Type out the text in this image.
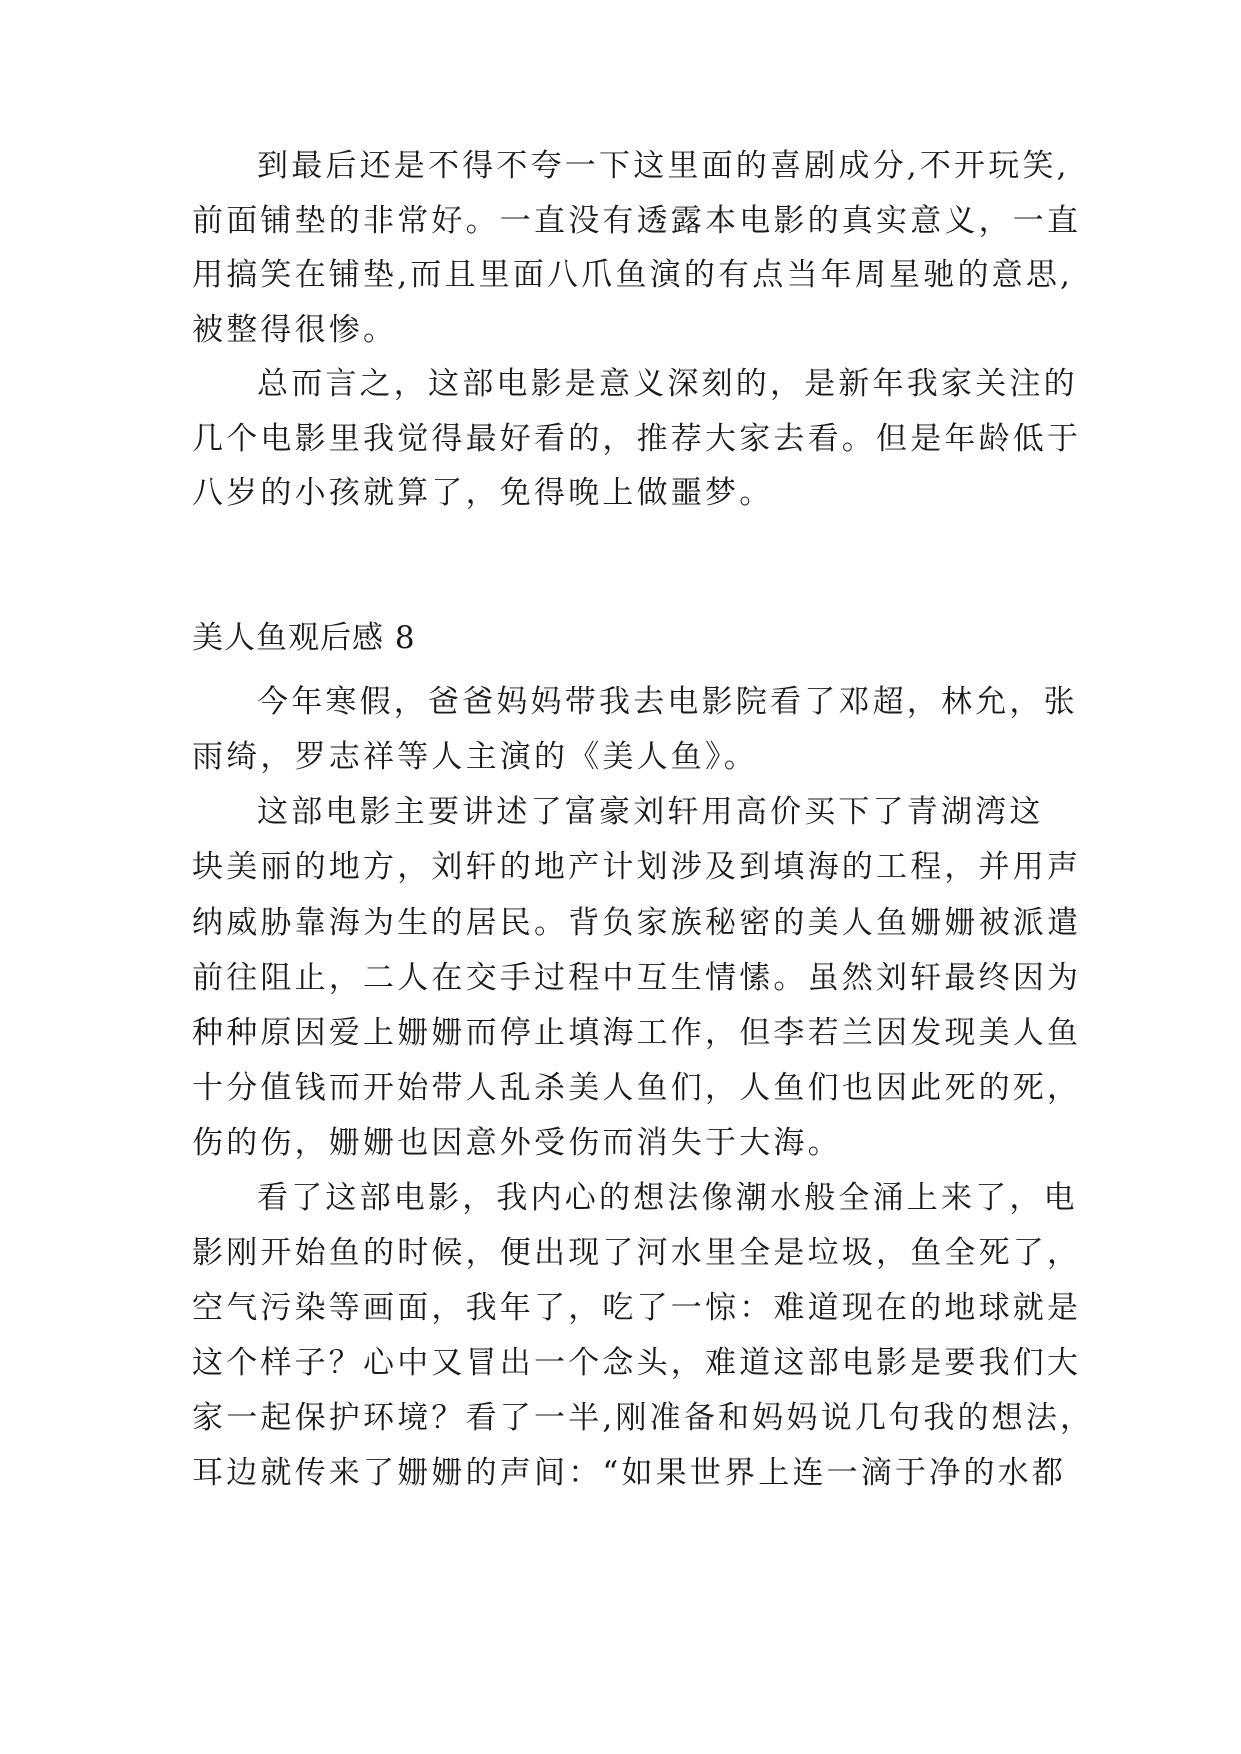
到最后还是不得不夸一下这里面的喜剧成分,不开玩笑,
前面铺垫的非常好。一直没有透露本电影的真实意义，一直
用搞笑在铺垫,而且里面八爪鱼演的有点当年周星驰的意思,
被整得很惨。
总而言之，这部电影是意义深刻的，是新年我家关注的
几个电影里我觉得最好看的，推荐大家去看。但是年龄低于
八岁的小孩就算了，免得晚上做噩梦。
美人鱼观后感 8
今年寒假，爸爸妈妈带我去电影院看了邓超，林允，张
雨绮，罗志祥等人主演的《美人鱼》。
这部电影主要讲述了富豪刘轩用高价买下了青湖湾这
块美丽的地方，刘轩的地产计划涉及到填海的工程，并用声
纳威胁靠海为生的居民。背负家族秘密的美人鱼姗姗被派遣
前往阻止，二人在交手过程中互生情愫。虽然刘轩最终因为
种种原因爱上姗姗而停止填海工作，但李若兰因发现美人鱼
十分值钱而开始带人乱杀美人鱼们，人鱼们也因此死的死，
伤的伤，姗姗也因意外受伤而消失于大海。
看了这部电影，我内心的想法像潮水般全涌上来了，电
影刚开始鱼的时候，便出现了河水里全是垃圾，鱼全死了，
空气污染等画面，我年了，吃了一惊：难道现在的地球就是
这个样子？心中又冒出一个念头，难道这部电影是要我们大
家一起保护环境？看了一半,刚准备和妈妈说几句我的想法，
耳边就传来了姗姗的声间：“如果世界上连一滴于净的水都
